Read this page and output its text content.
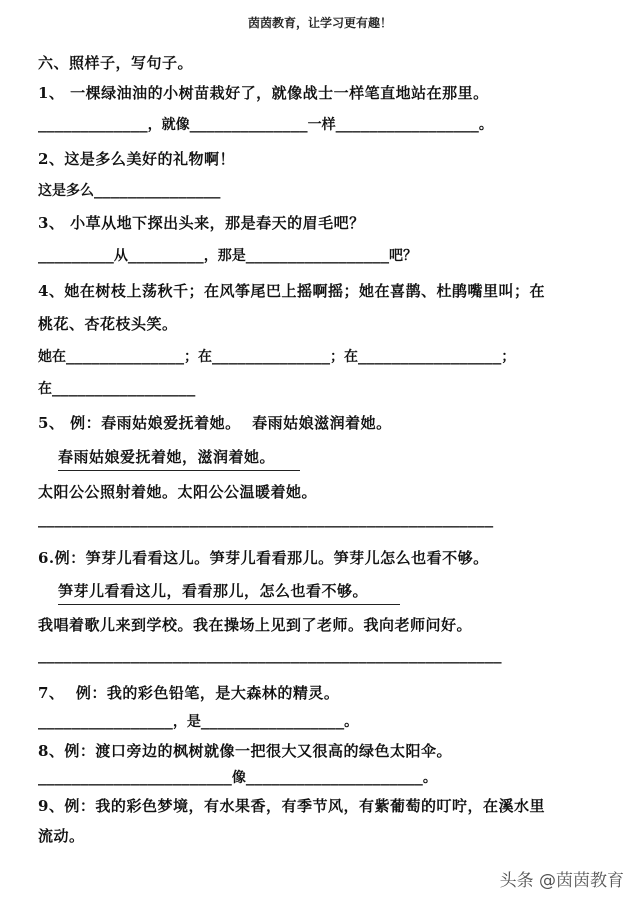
茵茵教育，让学习更有趣！
六、照样子，写句子。
1、 一棵绿油油的小树苗栽好了，就像战士一样笔直地站在那里。
_____________，就像______________一样_________________。
2、这是多么美好的礼物啊！
这是多么_______________
3、 小草从地下探出头来，那是春天的眉毛吧？
_________从_________，那是_________________吧？
4、她在树枝上荡秋千；在风筝尾巴上摇啊摇；她在喜鹊、杜鹃嘴里叫；在
桃花、杏花枝头笑。
她在______________；在______________；在_________________；
在_________________
5、 例：春雨姑娘爱抚着她。  春雨姑娘滋润着她。
春雨姑娘爱抚着她，滋润着她。
太阳公公照射着她。太阳公公温暖着她。
______________________________________________________
6.例：笋芽儿看看这儿。笋芽儿看看那儿。笋芽儿怎么也看不够。
笋芽儿看看这儿，看看那儿，怎么也看不够。
我唱着歌儿来到学校。我在操场上见到了老师。我向老师问好。
_______________________________________________________
7、  例：我的彩色铅笔，是大森林的精灵。
________________，是_________________。
8、例：渡口旁边的枫树就像一把很大又很高的绿色太阳伞。
_______________________像_____________________。
9、例：我的彩色梦境，有水果香，有季节风，有紫葡萄的叮咛，在溪水里
流动。
头条 @茵茵教育
